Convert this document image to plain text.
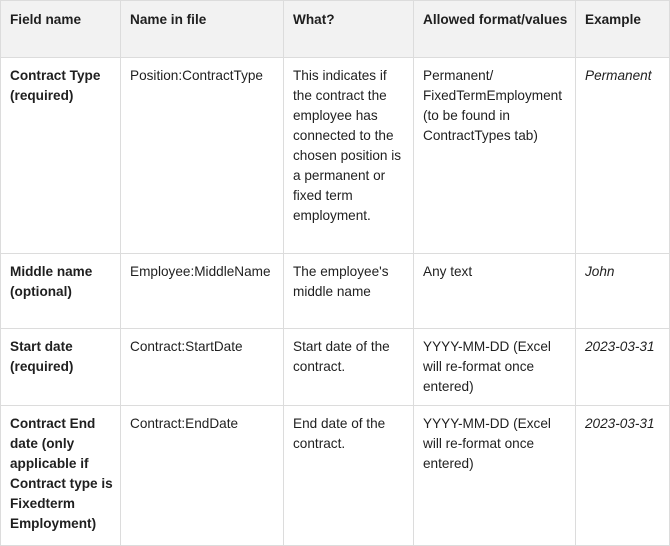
Field name	Name in file	What?	Allowed format/values	Example
Contract Type (required)	Position:ContractType	This indicates if the contract the employee has connected to the chosen position is a permanent or fixed term employment.	Permanent/ FixedTermEmployment (to be found in ContractTypes tab)	Permanent
Middle name (optional)	Employee:MiddleName	The employee's middle name	Any text	John
Start date (required)	Contract:StartDate	Start date of the contract.	YYYY-MM-DD (Excel will re-format once entered)	2023-03-31
Contract End date (only applicable if Contract type is Fixedterm Employment)	Contract:EndDate	End date of the contract.	YYYY-MM-DD (Excel will re-format once entered)	2023-03-31
